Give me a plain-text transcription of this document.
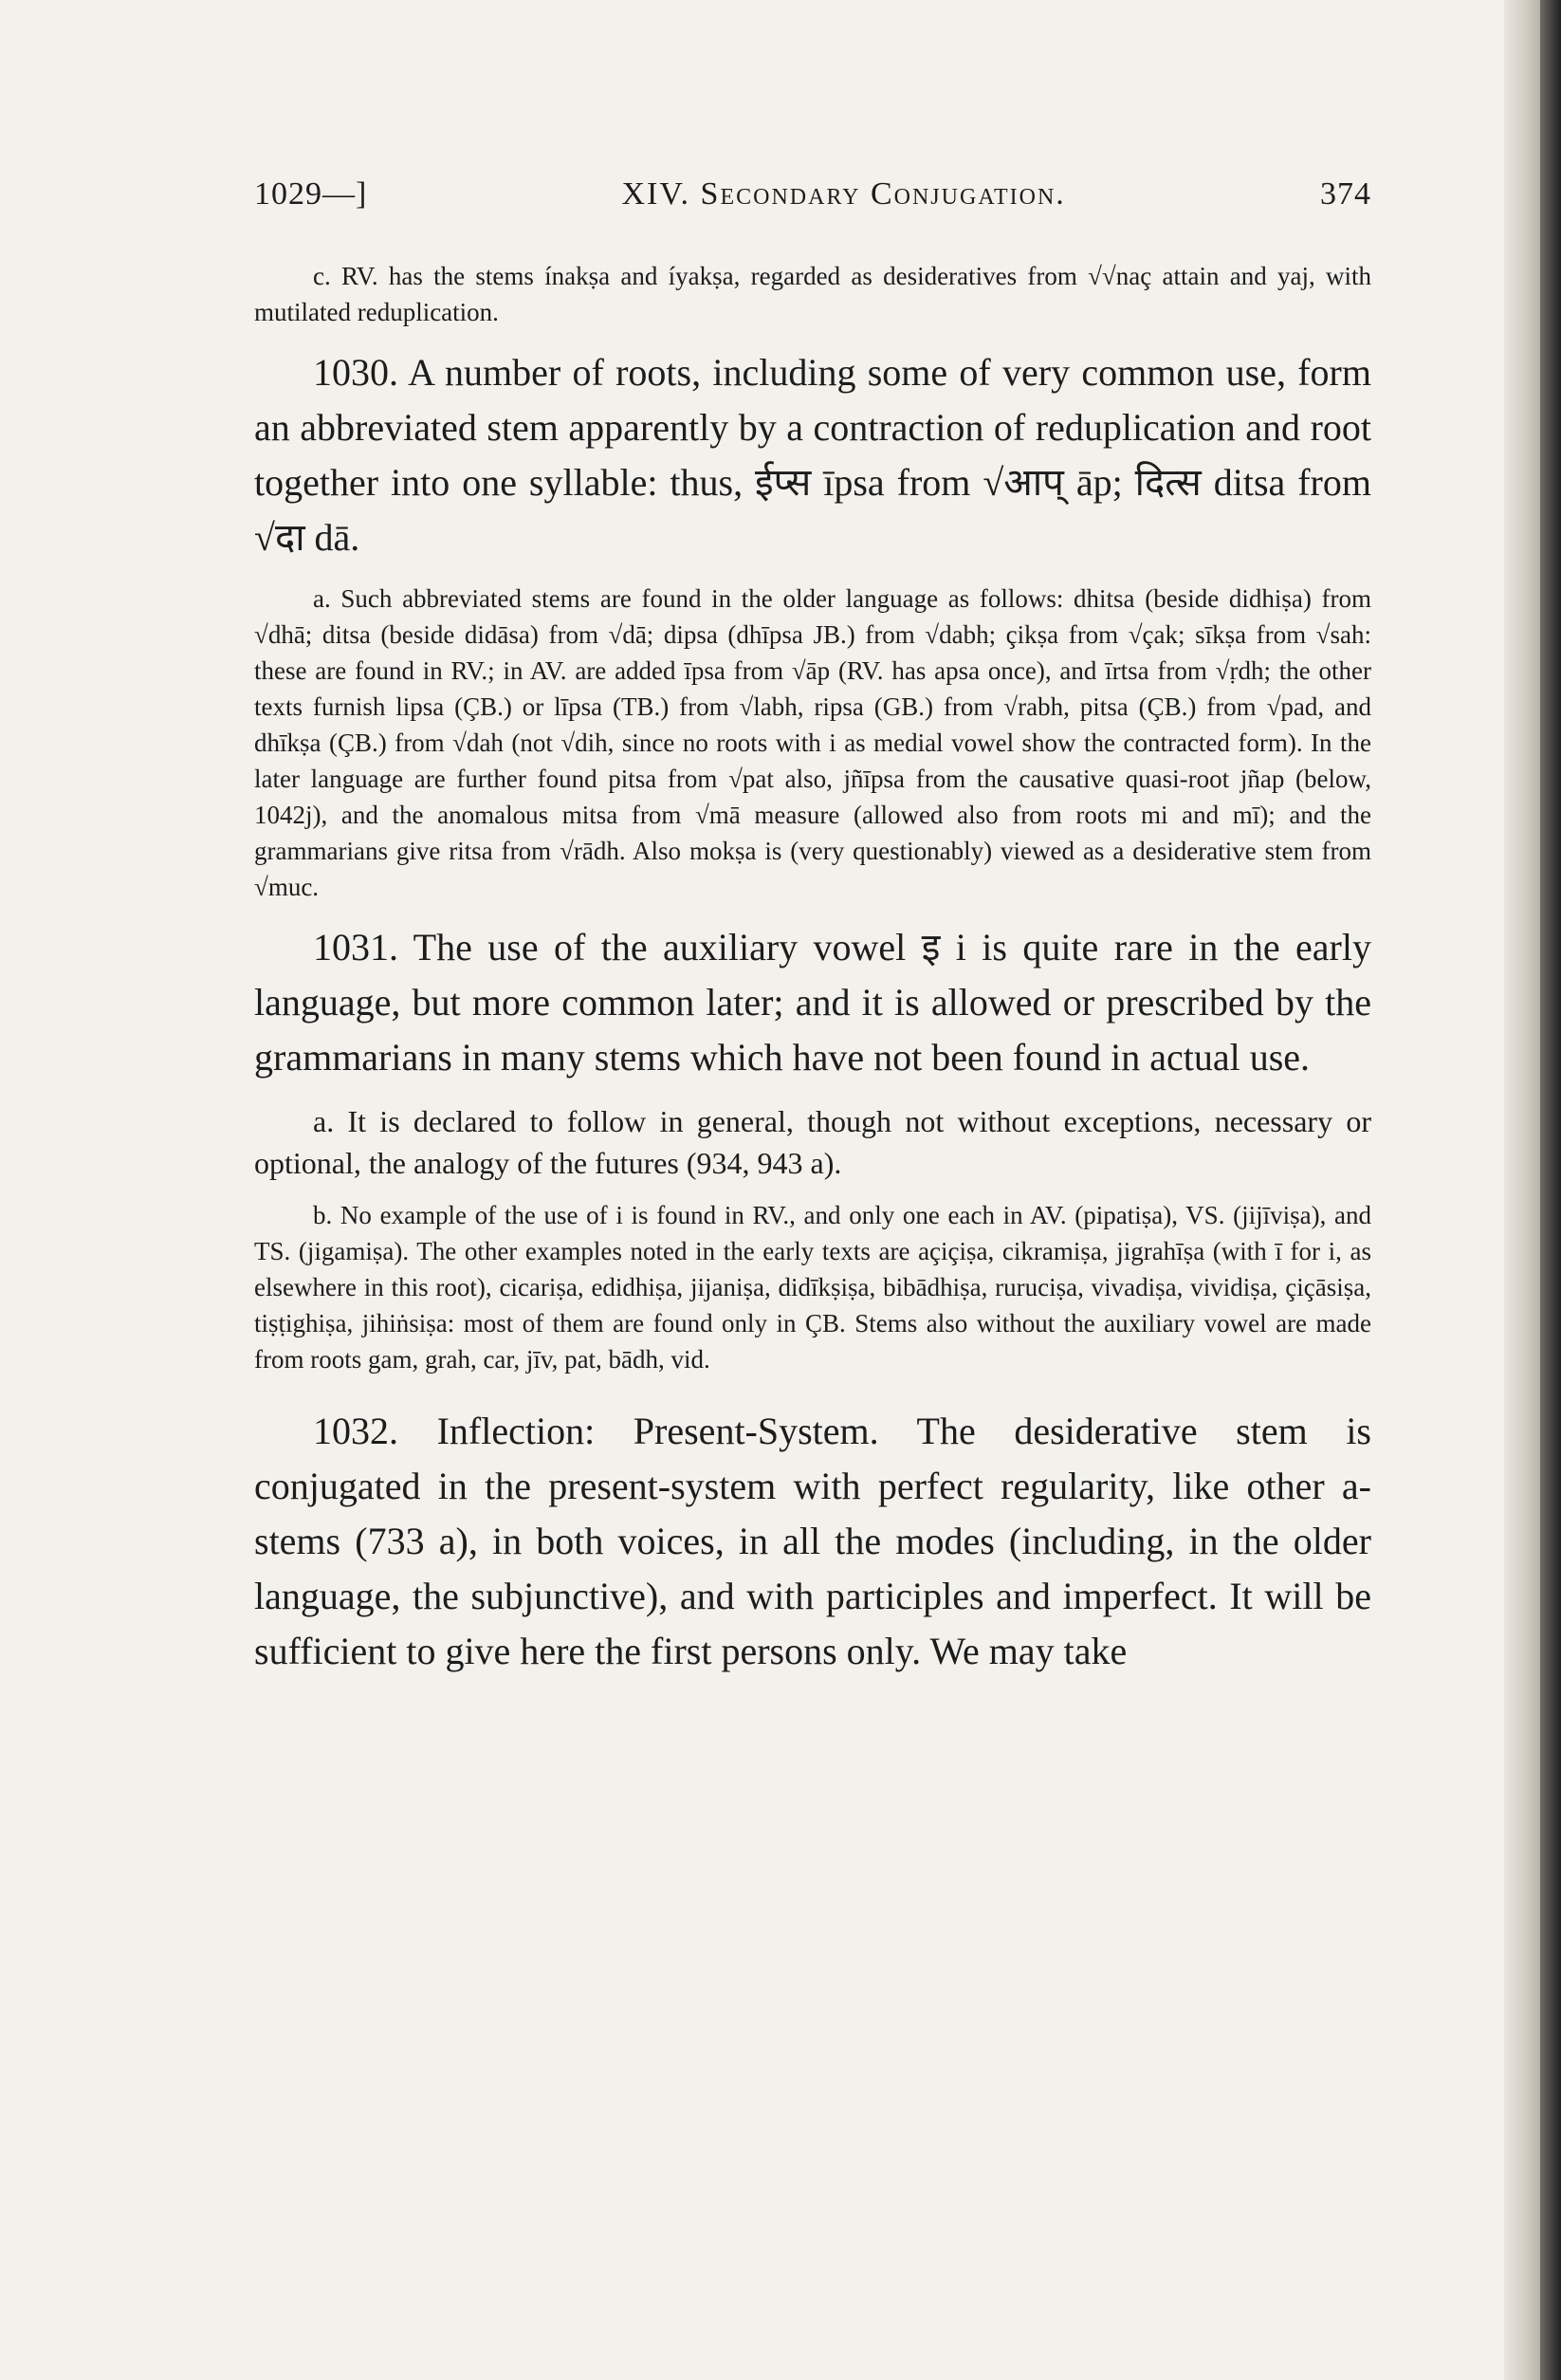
1029—]	XIV. Secondary Conjugation.	374

c. RV. has the stems ínakṣa and íyakṣa, regarded as desideratives from √√naç attain and yaj, with mutilated reduplication.

1030. A number of roots, including some of very common use, form an abbreviated stem apparently by a contraction of reduplication and root together into one syllable: thus, ईप्स īpsa from √आप् āp; दित्स ditsa from √दा dā.

a. Such abbreviated stems are found in the older language as follows: dhitsa (beside didhiṣa) from √dhā; ditsa (beside didāsa) from √dā; dipsa (dhīpsa JB.) from √dabh; çikṣa from √çak; sīkṣa from √sah: these are found in RV.; in AV. are added īpsa from √āp (RV. has apsa once), and īrtsa from √ṛdh; the other texts furnish lipsa (ÇB.) or līpsa (TB.) from √labh, ripsa (GB.) from √rabh, pitsa (ÇB.) from √pad, and dhīkṣa (ÇB.) from √dah (not √dih, since no roots with i as medial vowel show the contracted form). In the later language are further found pitsa from √pat also, jñīpsa from the causative quasi-root jñap (below, 1042j), and the anomalous mitsa from √mā measure (allowed also from roots mi and mī); and the grammarians give ritsa from √rādh. Also mokṣa is (very questionably) viewed as a desiderative stem from √muc.

1031. The use of the auxiliary vowel इ i is quite rare in the early language, but more common later; and it is allowed or prescribed by the grammarians in many stems which have not been found in actual use.

a. It is declared to follow in general, though not without exceptions, necessary or optional, the analogy of the futures (934, 943 a).

b. No example of the use of i is found in RV., and only one each in AV. (pipatiṣa), VS. (jijīviṣa), and TS. (jigamiṣa). The other examples noted in the early texts are açiçiṣa, cikramiṣa, jigrahīṣa (with ī for i, as elsewhere in this root), cicariṣa, edidhiṣa, jijaniṣa, didīkṣiṣa, bibādhiṣa, ruruciṣa, vivadiṣa, vividiṣa, çiçāsiṣa, tiṣṭighiṣa, jihiṅsiṣa: most of them are found only in ÇB. Stems also without the auxiliary vowel are made from roots gam, grah, car, jīv, pat, bādh, vid.

1032. Inflection: Present-System. The desiderative stem is conjugated in the present-system with perfect regularity, like other a-stems (733 a), in both voices, in all the modes (including, in the older language, the subjunctive), and with participles and imperfect. It will be sufficient to give here the first persons only. We may take
